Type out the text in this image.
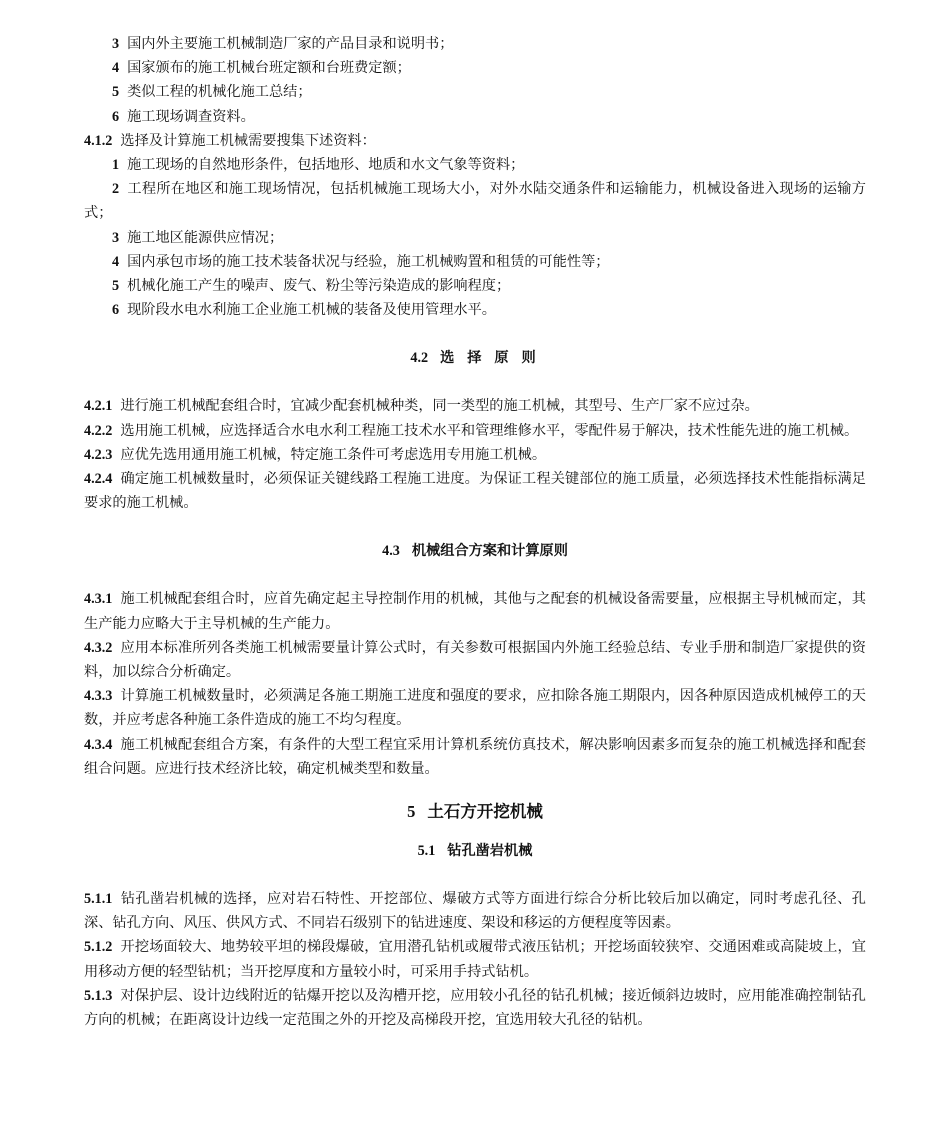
3 国内外主要施工机械制造厂家的产品目录和说明书；

4 国家颁布的施工机械台班定额和台班费定额；

5 类似工程的机械化施工总结；

6 施工现场调查资料。

4.1.2 选择及计算施工机械需要搜集下述资料：

1 施工现场的自然地形条件，包括地形、地质和水文气象等资料；

2 工程所在地区和施工现场情况，包括机械施工现场大小，对外水陆交通条件和运输能力，机械设备进入现场的运输方式；

3 施工地区能源供应情况；

4 国内承包市场的施工技术装备状况与经验，施工机械购置和租赁的可能性等；

5 机械化施工产生的噪声、废气、粉尘等污染造成的影响程度；

6 现阶段水电水利施工企业施工机械的装备及使用管理水平。

4.2 选 择 原 则

4.2.1 进行施工机械配套组合时，宜减少配套机械种类，同一类型的施工机械，其型号、生产厂家不应过杂。

4.2.2 选用施工机械，应选择适合水电水利工程施工技术水平和管理维修水平，零配件易于解决，技术性能先进的施工机械。

4.2.3 应优先选用通用施工机械，特定施工条件可考虑选用专用施工机械。

4.2.4 确定施工机械数量时，必须保证关键线路工程施工进度。为保证工程关键部位的施工质量，必须选择技术性能指标满足要求的施工机械。

4.3 机械组合方案和计算原则

4.3.1 施工机械配套组合时，应首先确定起主导控制作用的机械，其他与之配套的机械设备需要量，应根据主导机械而定，其生产能力应略大于主导机械的生产能力。

4.3.2 应用本标准所列各类施工机械需要量计算公式时，有关参数可根据国内外施工经验总结、专业手册和制造厂家提供的资料，加以综合分析确定。

4.3.3 计算施工机械数量时，必须满足各施工期施工进度和强度的要求，应扣除各施工期限内，因各种原因造成机械停工的天数，并应考虑各种施工条件造成的施工不均匀程度。

4.3.4 施工机械配套组合方案，有条件的大型工程宜采用计算机系统仿真技术，解决影响因素多而复杂的施工机械选择和配套组合问题。应进行技术经济比较，确定机械类型和数量。

5 土石方开挖机械
5.1 钻孔凿岩机械

5.1.1 钻孔凿岩机械的选择，应对岩石特性、开挖部位、爆破方式等方面进行综合分析比较后加以确定，同时考虑孔径、孔深、钻孔方向、风压、供风方式、不同岩石级别下的钻进速度、架设和移运的方便程度等因素。

5.1.2 开挖场面较大、地势较平坦的梯段爆破，宜用潜孔钻机或履带式液压钻机；开挖场面较狭窄、交通困难或高陡坡上，宜用移动方便的轻型钻机；当开挖厚度和方量较小时，可采用手持式钻机。

5.1.3 对保护层、设计边线附近的钻爆开挖以及沟槽开挖，应用较小孔径的钻孔机械；接近倾斜边坡时，应用能准确控制钻孔方向的机械；在距离设计边线一定范围之外的开挖及高梯段开挖，宜选用较大孔径的钻机。
